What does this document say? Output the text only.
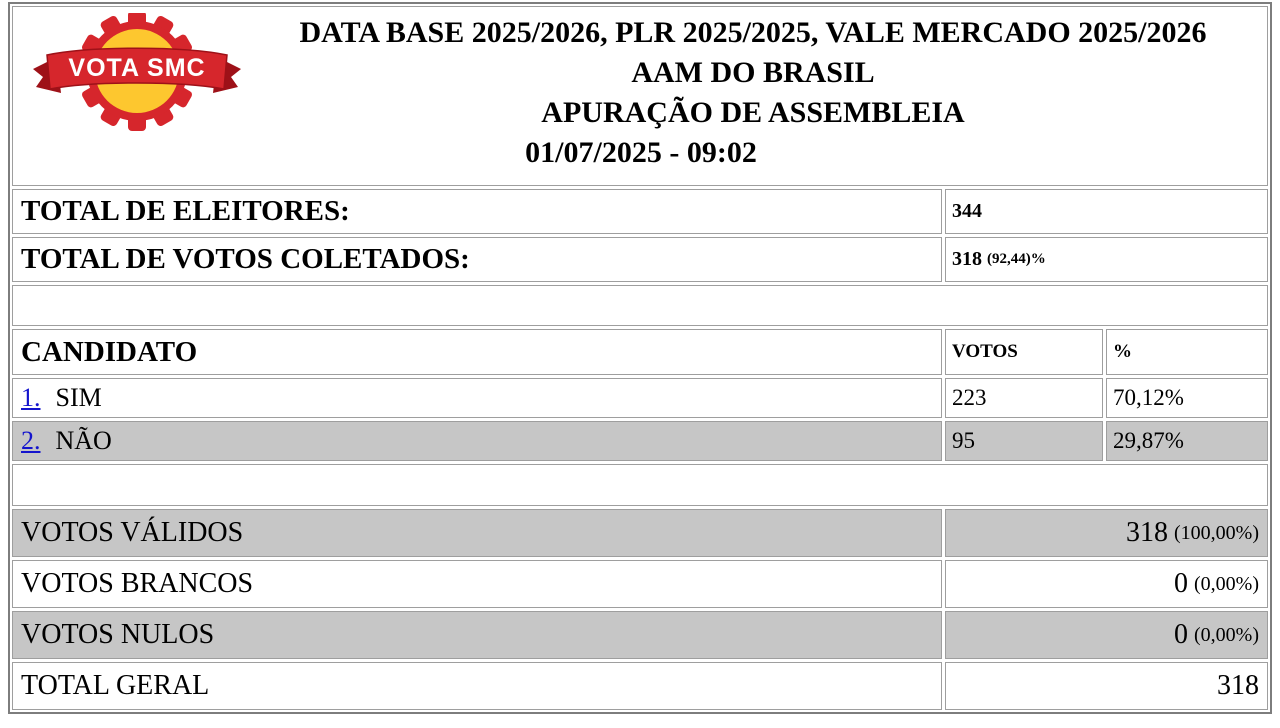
VOTA SMC
DATA BASE 2025/2026, PLR 2025/2025, VALE MERCADO 2025/2026
AAM DO BRASIL
APURAÇÃO DE ASSEMBLEIA
01/07/2025 - 09:02
TOTAL DE ELEITORES:	344
TOTAL DE VOTOS COLETADOS:	318 (92,44)%
CANDIDATO	VOTOS	%
1. SIM	223	70,12%
2. NÃO	95	29,87%
VOTOS VÁLIDOS	318 (100,00%)
VOTOS BRANCOS	0 (0,00%)
VOTOS NULOS	0 (0,00%)
TOTAL GERAL	318
